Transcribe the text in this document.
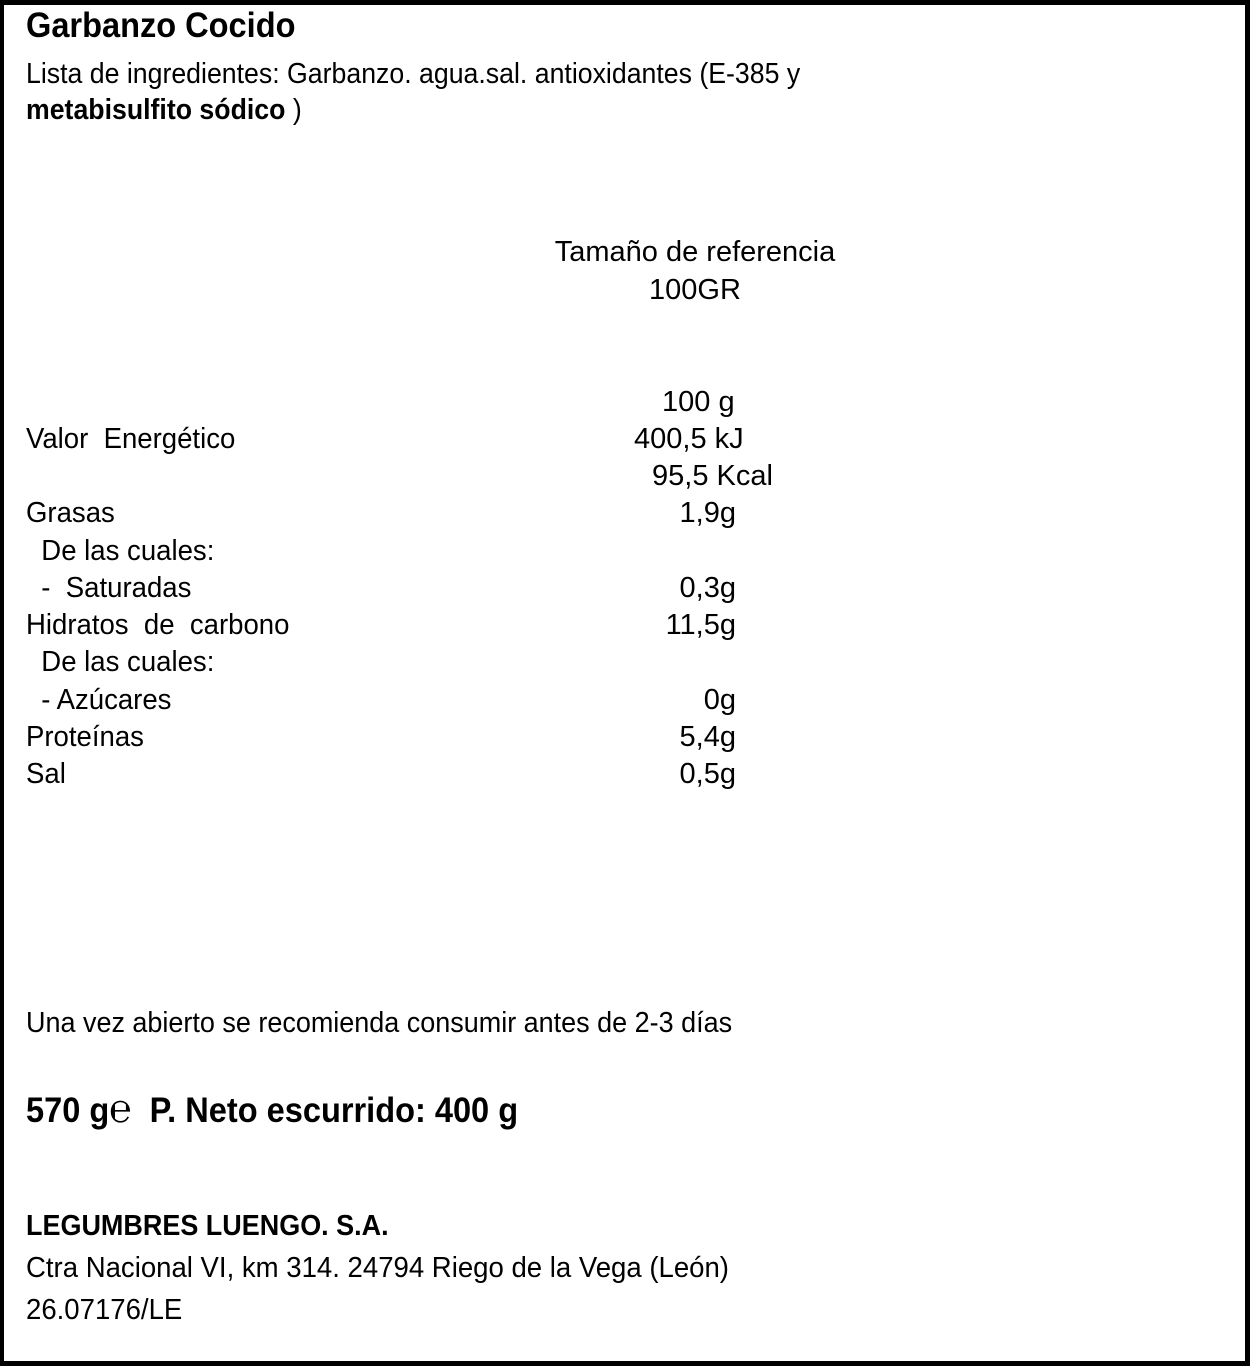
Garbanzo Cocido
Lista de ingredientes: Garbanzo. agua.sal. antioxidantes (E-385 y
metabisulfito sódico )
Tamaño de referencia
100GR
100 g
Valor  Energético	400,5 kJ
95,5 Kcal
Grasas	1,9g
De las cuales:
-  Saturadas	0,3g
Hidratos  de  carbono	11,5g
De las cuales:
- Azúcares	0g
Proteínas	5,4g
Sal	0,5g
Una vez abierto se recomienda consumir antes de 2-3 días
570 g℮ P. Neto escurrido: 400 g
LEGUMBRES LUENGO. S.A.
Ctra Nacional VI, km 314. 24794 Riego de la Vega (León)
26.07176/LE
